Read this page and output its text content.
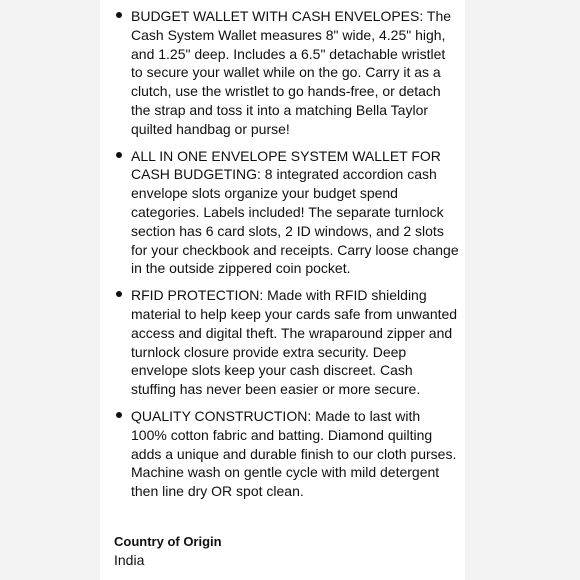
BUDGET WALLET WITH CASH ENVELOPES: The Cash System Wallet measures 8" wide, 4.25" high, and 1.25" deep. Includes a 6.5" detachable wristlet to secure your wallet while on the go. Carry it as a clutch, use the wristlet to go hands-free, or detach the strap and toss it into a matching Bella Taylor quilted handbag or purse!
ALL IN ONE ENVELOPE SYSTEM WALLET FOR CASH BUDGETING: 8 integrated accordion cash envelope slots organize your budget spend categories. Labels included! The separate turnlock section has 6 card slots, 2 ID windows, and 2 slots for your checkbook and receipts. Carry loose change in the outside zippered coin pocket.
RFID PROTECTION: Made with RFID shielding material to help keep your cards safe from unwanted access and digital theft. The wraparound zipper and turnlock closure provide extra security. Deep envelope slots keep your cash discreet. Cash stuffing has never been easier or more secure.
QUALITY CONSTRUCTION: Made to last with 100% cotton fabric and batting. Diamond quilting adds a unique and durable finish to our cloth purses. Machine wash on gentle cycle with mild detergent then line dry OR spot clean.
Country of Origin
India
